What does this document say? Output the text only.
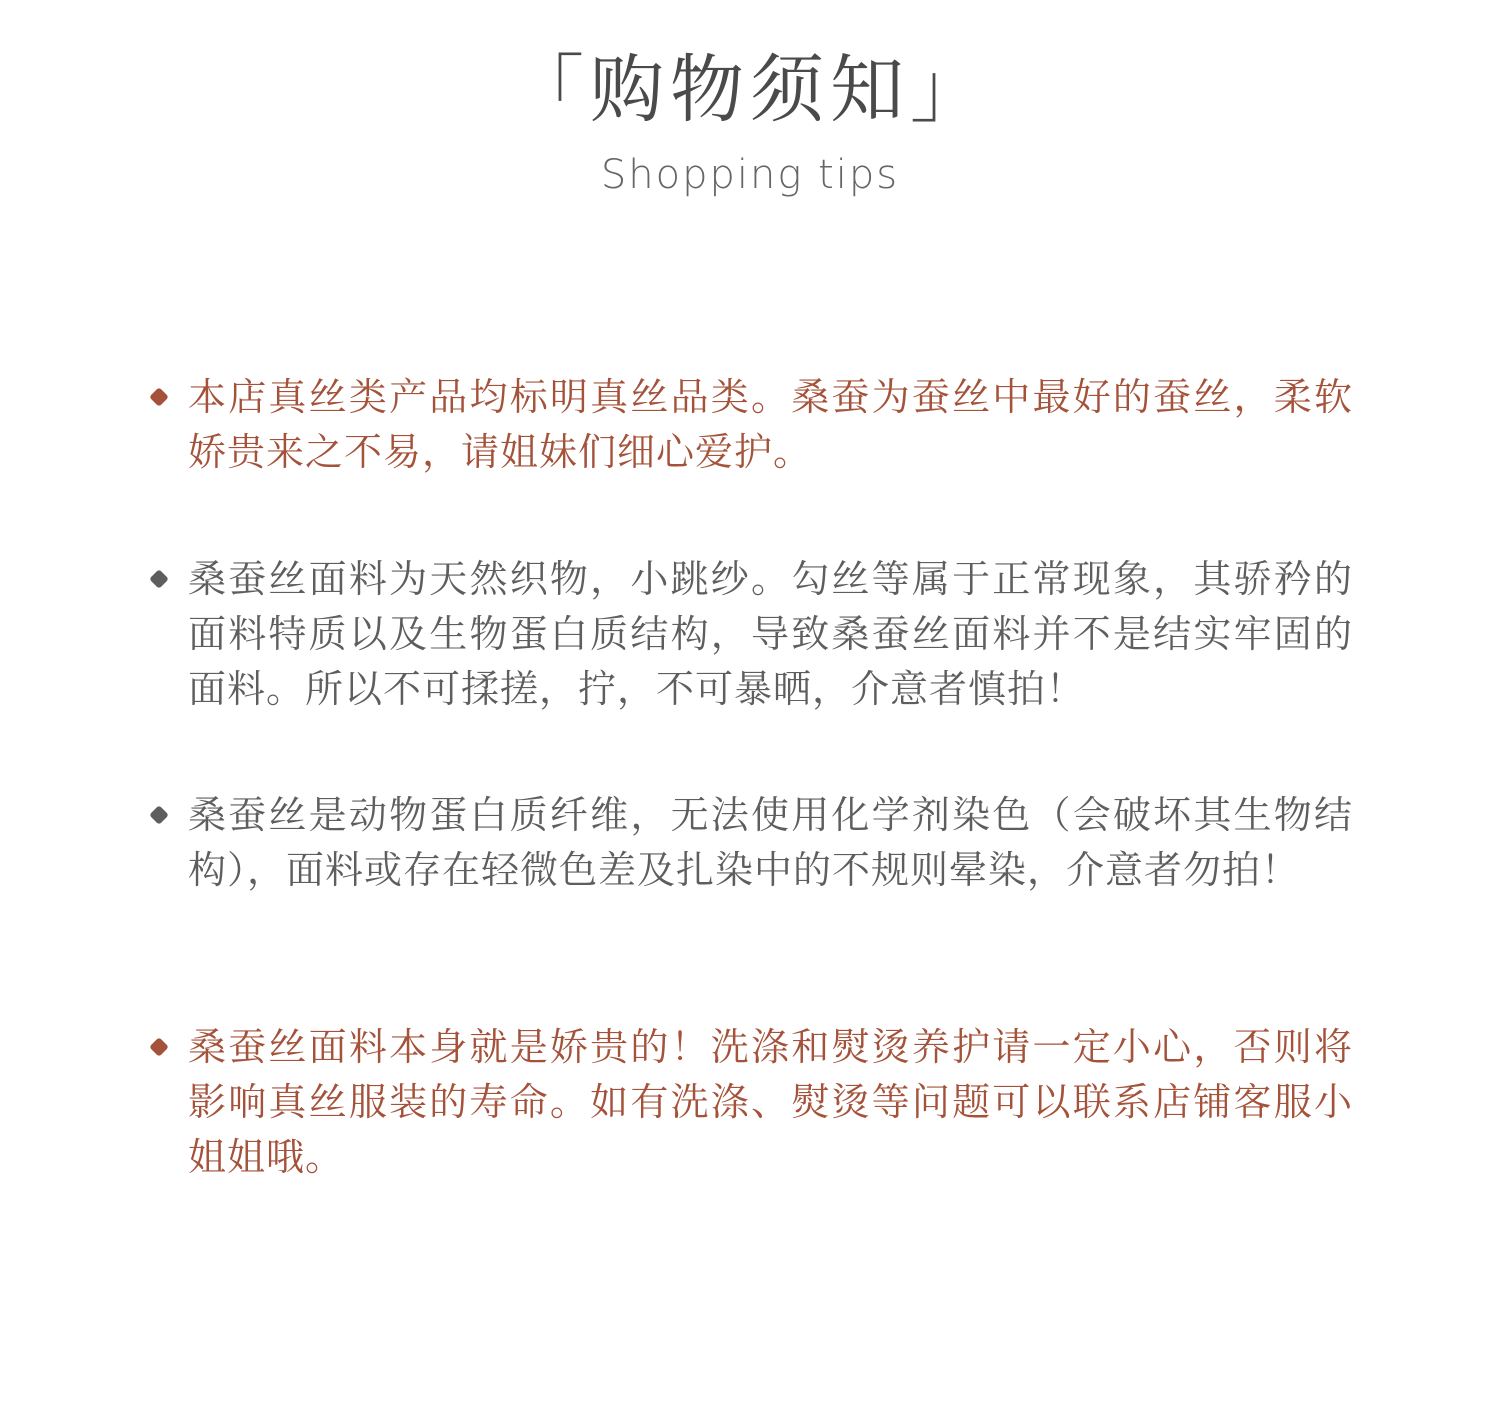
「购物须知」
Shopping tips
本店真丝类产品均标明真丝品类。桑蚕为蚕丝中最好的蚕丝，柔软娇贵来之不易，请姐妹们细心爱护。
桑蚕丝面料为天然织物，小跳纱。勾丝等属于正常现象，其骄矜的面料特质以及生物蛋白质结构，导致桑蚕丝面料并不是结实牢固的面料。所以不可揉搓，拧，不可暴晒，介意者慎拍！
桑蚕丝是动物蛋白质纤维，无法使用化学剂染色（会破坏其生物结构），面料或存在轻微色差及扎染中的不规则晕染，介意者勿拍！
桑蚕丝面料本身就是娇贵的！洗涤和熨烫养护请一定小心，否则将影响真丝服装的寿命。如有洗涤、熨烫等问题可以联系店铺客服小姐姐哦。
